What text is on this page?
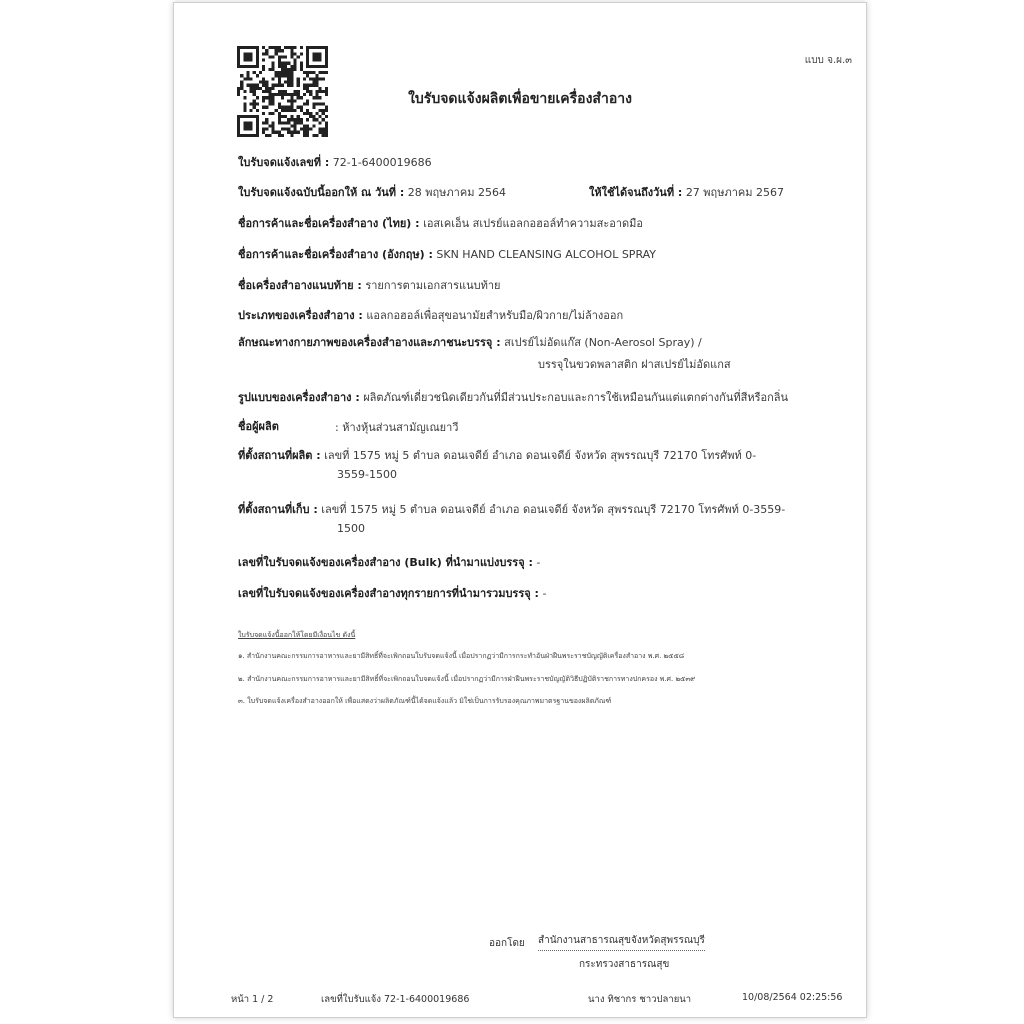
แบบ จ.ผ.๓
ใบรับจดแจ้งผลิตเพื่อขายเครื่องสำอาง
ใบรับจดแจ้งเลขที่ : 72-1-6400019686
ใบรับจดแจ้งฉบับนี้ออกให้ ณ วันที่ : 28 พฤษภาคม 2564	ให้ใช้ได้จนถึงวันที่ : 27 พฤษภาคม 2567
ชื่อการค้าและชื่อเครื่องสำอาง (ไทย) : เอสเคเอ็น สเปรย์แอลกอฮอล์ทำความสะอาดมือ
ชื่อการค้าและชื่อเครื่องสำอาง (อังกฤษ) : SKN HAND CLEANSING ALCOHOL SPRAY
ชื่อเครื่องสำอางแนบท้าย : รายการตามเอกสารแนบท้าย
ประเภทของเครื่องสำอาง : แอลกอฮอล์เพื่อสุขอนามัยสำหรับมือ/ผิวกาย/ไม่ล้างออก
ลักษณะทางกายภาพของเครื่องสำอางและภาชนะบรรจุ : สเปรย์ไม่อัดแก๊ส (Non-Aerosol Spray) /
บรรจุในขวดพลาสติก ฝาสเปรย์ไม่อัดแกส
รูปแบบของเครื่องสำอาง : ผลิตภัณฑ์เดี่ยวชนิดเดียวกันที่มีส่วนประกอบและการใช้เหมือนกันแต่แตกต่างกันที่สีหรือกลิ่น
ชื่อผู้ผลิต	: ห้างหุ้นส่วนสามัญเณยาวี
ที่ตั้งสถานที่ผลิต : เลขที่ 1575 หมู่ 5 ตำบล ดอนเจดีย์ อำเภอ ดอนเจดีย์ จังหวัด สุพรรณบุรี 72170 โทรศัพท์ 0-
3559-1500
ที่ตั้งสถานที่เก็บ : เลขที่ 1575 หมู่ 5 ตำบล ดอนเจดีย์ อำเภอ ดอนเจดีย์ จังหวัด สุพรรณบุรี 72170 โทรศัพท์ 0-3559-
1500
เลขที่ใบรับจดแจ้งของเครื่องสำอาง (Bulk) ที่นำมาแบ่งบรรจุ : -
เลขที่ใบรับจดแจ้งของเครื่องสำอางทุกรายการที่นำมารวมบรรจุ : -
ใบรับจดแจ้งนี้ออกให้โดยมีเงื่อนไข ดังนี้
๑. สำนักงานคณะกรรมการอาหารและยามีสิทธิ์ที่จะเพิกถอนใบรับจดแจ้งนี้ เมื่อปรากฏว่ามีการกระทำอันฝ่าฝืนพระราชบัญญัติเครื่องสำอาง พ.ศ. ๒๕๕๘
๒. สำนักงานคณะกรรมการอาหารและยามีสิทธิ์ที่จะเพิกถอนใบจดแจ้งนี้ เมื่อปรากฏว่ามีการฝ่าฝืนพระราชบัญญัติวิธีปฏิบัติราชการทางปกครอง พ.ศ. ๒๕๓๙
๓. ใบรับจดแจ้งเครื่องสำอางออกให้ เพื่อแสดงว่าผลิตภัณฑ์นี้ได้จดแจ้งแล้ว มิใช่เป็นการรับรองคุณภาพมาตรฐานของผลิตภัณฑ์
ออกโดย สำนักงานสาธารณสุขจังหวัดสุพรรณบุรี
กระทรวงสาธารณสุข
หน้า 1 / 2	เลขที่ใบรับแจ้ง 72-1-6400019686	นาง ทิชากร ชาวปลายนา	10/08/2564 02:25:56
